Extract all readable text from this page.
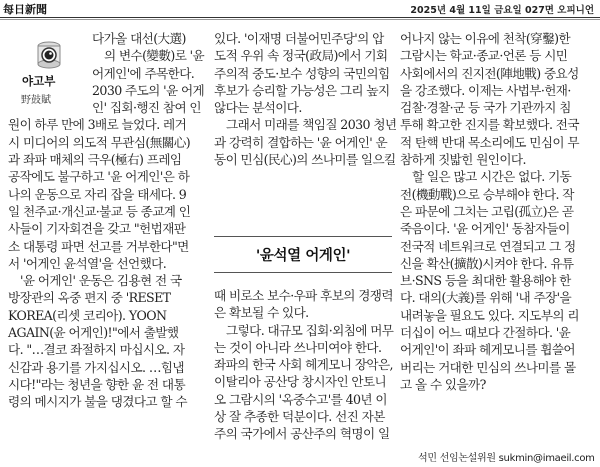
每日新聞	2025년 4월 11일 금요일 027면 오피니언
야고부
野鼓賦
다가올 대선(大選)
의 변수(變數)로 '윤
어게인'에 주목한다.
2030 주도의 '윤 어게
인' 집회·행진 참여 인
원이 하루 만에 3배로 늘었다. 레거
시 미디어의 의도적 무관심(無關心)
과 좌파 매체의 극우(極右) 프레임
공작에도 불구하고 '윤 어게인'은 하
나의 운동으로 자리 잡을 태세다. 9
일 천주교·개신교·불교 등 종교계 인
사들이 기자회견을 갖고 "헌법재판
소 대통령 파면 선고를 거부한다"면
서 '어게인 윤석열'을 선언했다.
'윤 어게인' 운동은 김용현 전 국
방장관의 옥중 편지 중 'RESET
KOREA(리셋 코리아). YOON
AGAIN(윤 어게인)!"에서 출발했
다. "…결코 좌절하지 마십시오. 자
신감과 용기를 가지십시오. …힘냅
시다!"라는 청년을 향한 윤 전 대통
령의 메시지가 불을 댕겼다고 할 수
있다. '이재명 더불어민주당'의 압
도적 우위 속 정국(政局)에서 기회
주의적 중도·보수 성향의 국민의힘
후보가 승리할 가능성은 그리 높지
않다는 분석이다.
그래서 미래를 책임질 2030 청년
과 강력히 결합하는 '윤 어게인' 운
동이 민심(民心)의 쓰나미를 일으킬
때 비로소 보수·우파 후보의 경쟁력
은 확보될 수 있다.
그렇다. 대규모 집회·외침에 머무
는 것이 아니라 쓰나미여야 한다.
좌파의 한국 사회 헤게모니 장악은,
이탈리아 공산당 창시자인 안토니
오 그람시의 '옥중수고'를 40년 이
상 잘 추종한 덕분이다. 선진 자본
주의 국가에서 공산주의 혁명이 일
어나지 않는 이유에 천착(穿鑿)한
그람시는 학교·종교·언론 등 시민
사회에서의 진지전(陣地戰) 중요성
을 강조했다. 이제는 사법부·헌재·
검찰·경찰·군 등 국가 기관까지 침
투해 확고한 진지를 확보했다. 전국
적 탄핵 반대 목소리에도 민심이 무
참하게 짓밟힌 원인이다.
할 일은 많고 시간은 없다. 기동
전(機動戰)으로 승부해야 한다. 작
은 파문에 그치는 고립(孤立)은 곧
죽음이다. '윤 어게인' 동참자들이
전국적 네트워크로 연결되고 그 정
신을 확산(擴散)시켜야 한다. 유튜
브·SNS 등을 최대한 활용해야 한
다. 대의(大義)를 위해 '내 주장'을
내려놓을 필요도 있다. 지도부의 리
더십이 어느 때보다 간절하다. '윤
어게인'이 좌파 헤게모니를 휩쓸어
버리는 거대한 민심의 쓰나미를 몰
고 올 수 있을까?
'윤석열 어게인'
석민 선임논설위원 sukmin@imaeil.com
